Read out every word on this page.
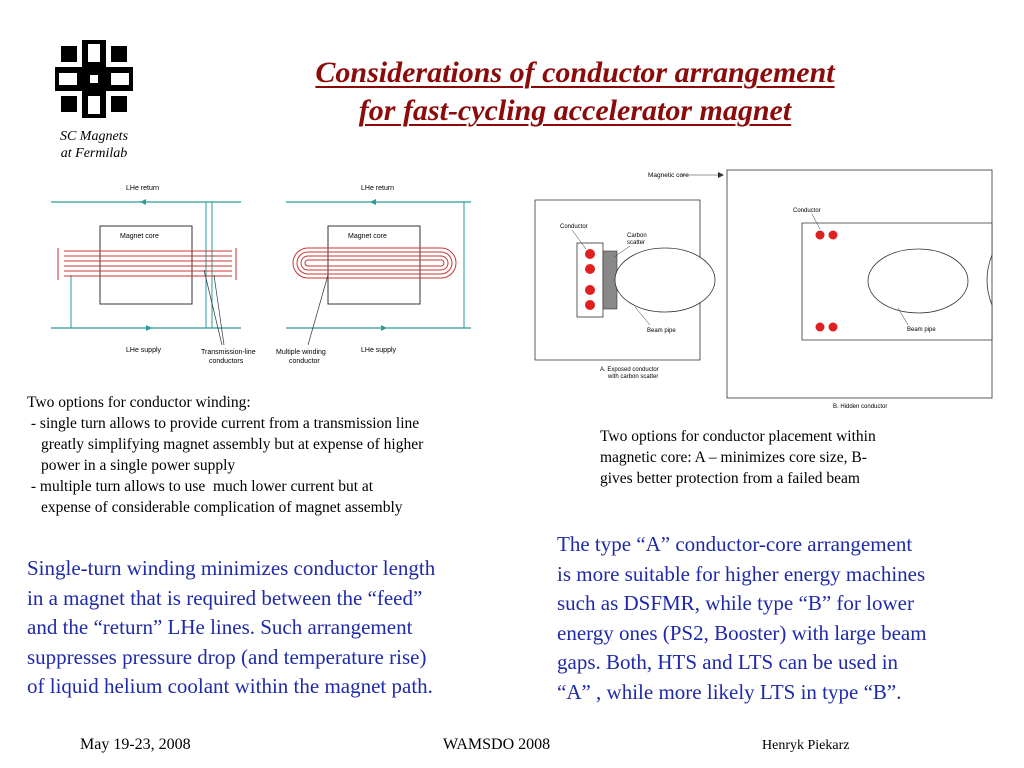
SC Magnets
at Fermilab
Considerations of conductor arrangement
for fast-cycling accelerator magnet
LHe return
LHe supply
Magnet core
Transmission-line
conductors
LHe return
LHe supply
Magnet core
Multiple winding
conductor
Magnetic core
Conductor
Carbon
scatter
Beam pipe
A. Exposed conductor
with carbon scatter
Conductor
Beam pipe
B. Hidden conductor
Two options for conductor winding:
- single turn allows to provide current from a transmission line
greatly simplifying magnet assembly but at expense of higher
power in a single power supply
- multiple turn allows to use  much lower current but at
expense of considerable complication of magnet assembly
Two options for conductor placement within
magnetic core: A – minimizes core size, B-
gives better protection from a failed beam
Single-turn winding minimizes conductor length
in a magnet that is required between the “feed”
and the “return” LHe lines. Such arrangement
suppresses pressure drop (and temperature rise)
of liquid helium coolant within the magnet path.
The type “A” conductor-core arrangement
is more suitable for higher energy machines
such as DSFMR, while type “B” for lower
energy ones (PS2, Booster) with large beam
gaps. Both, HTS and LTS can be used in
“A” , while more likely LTS in type “B”.
May 19-23, 2008	WAMSDO 2008	Henryk Piekarz
